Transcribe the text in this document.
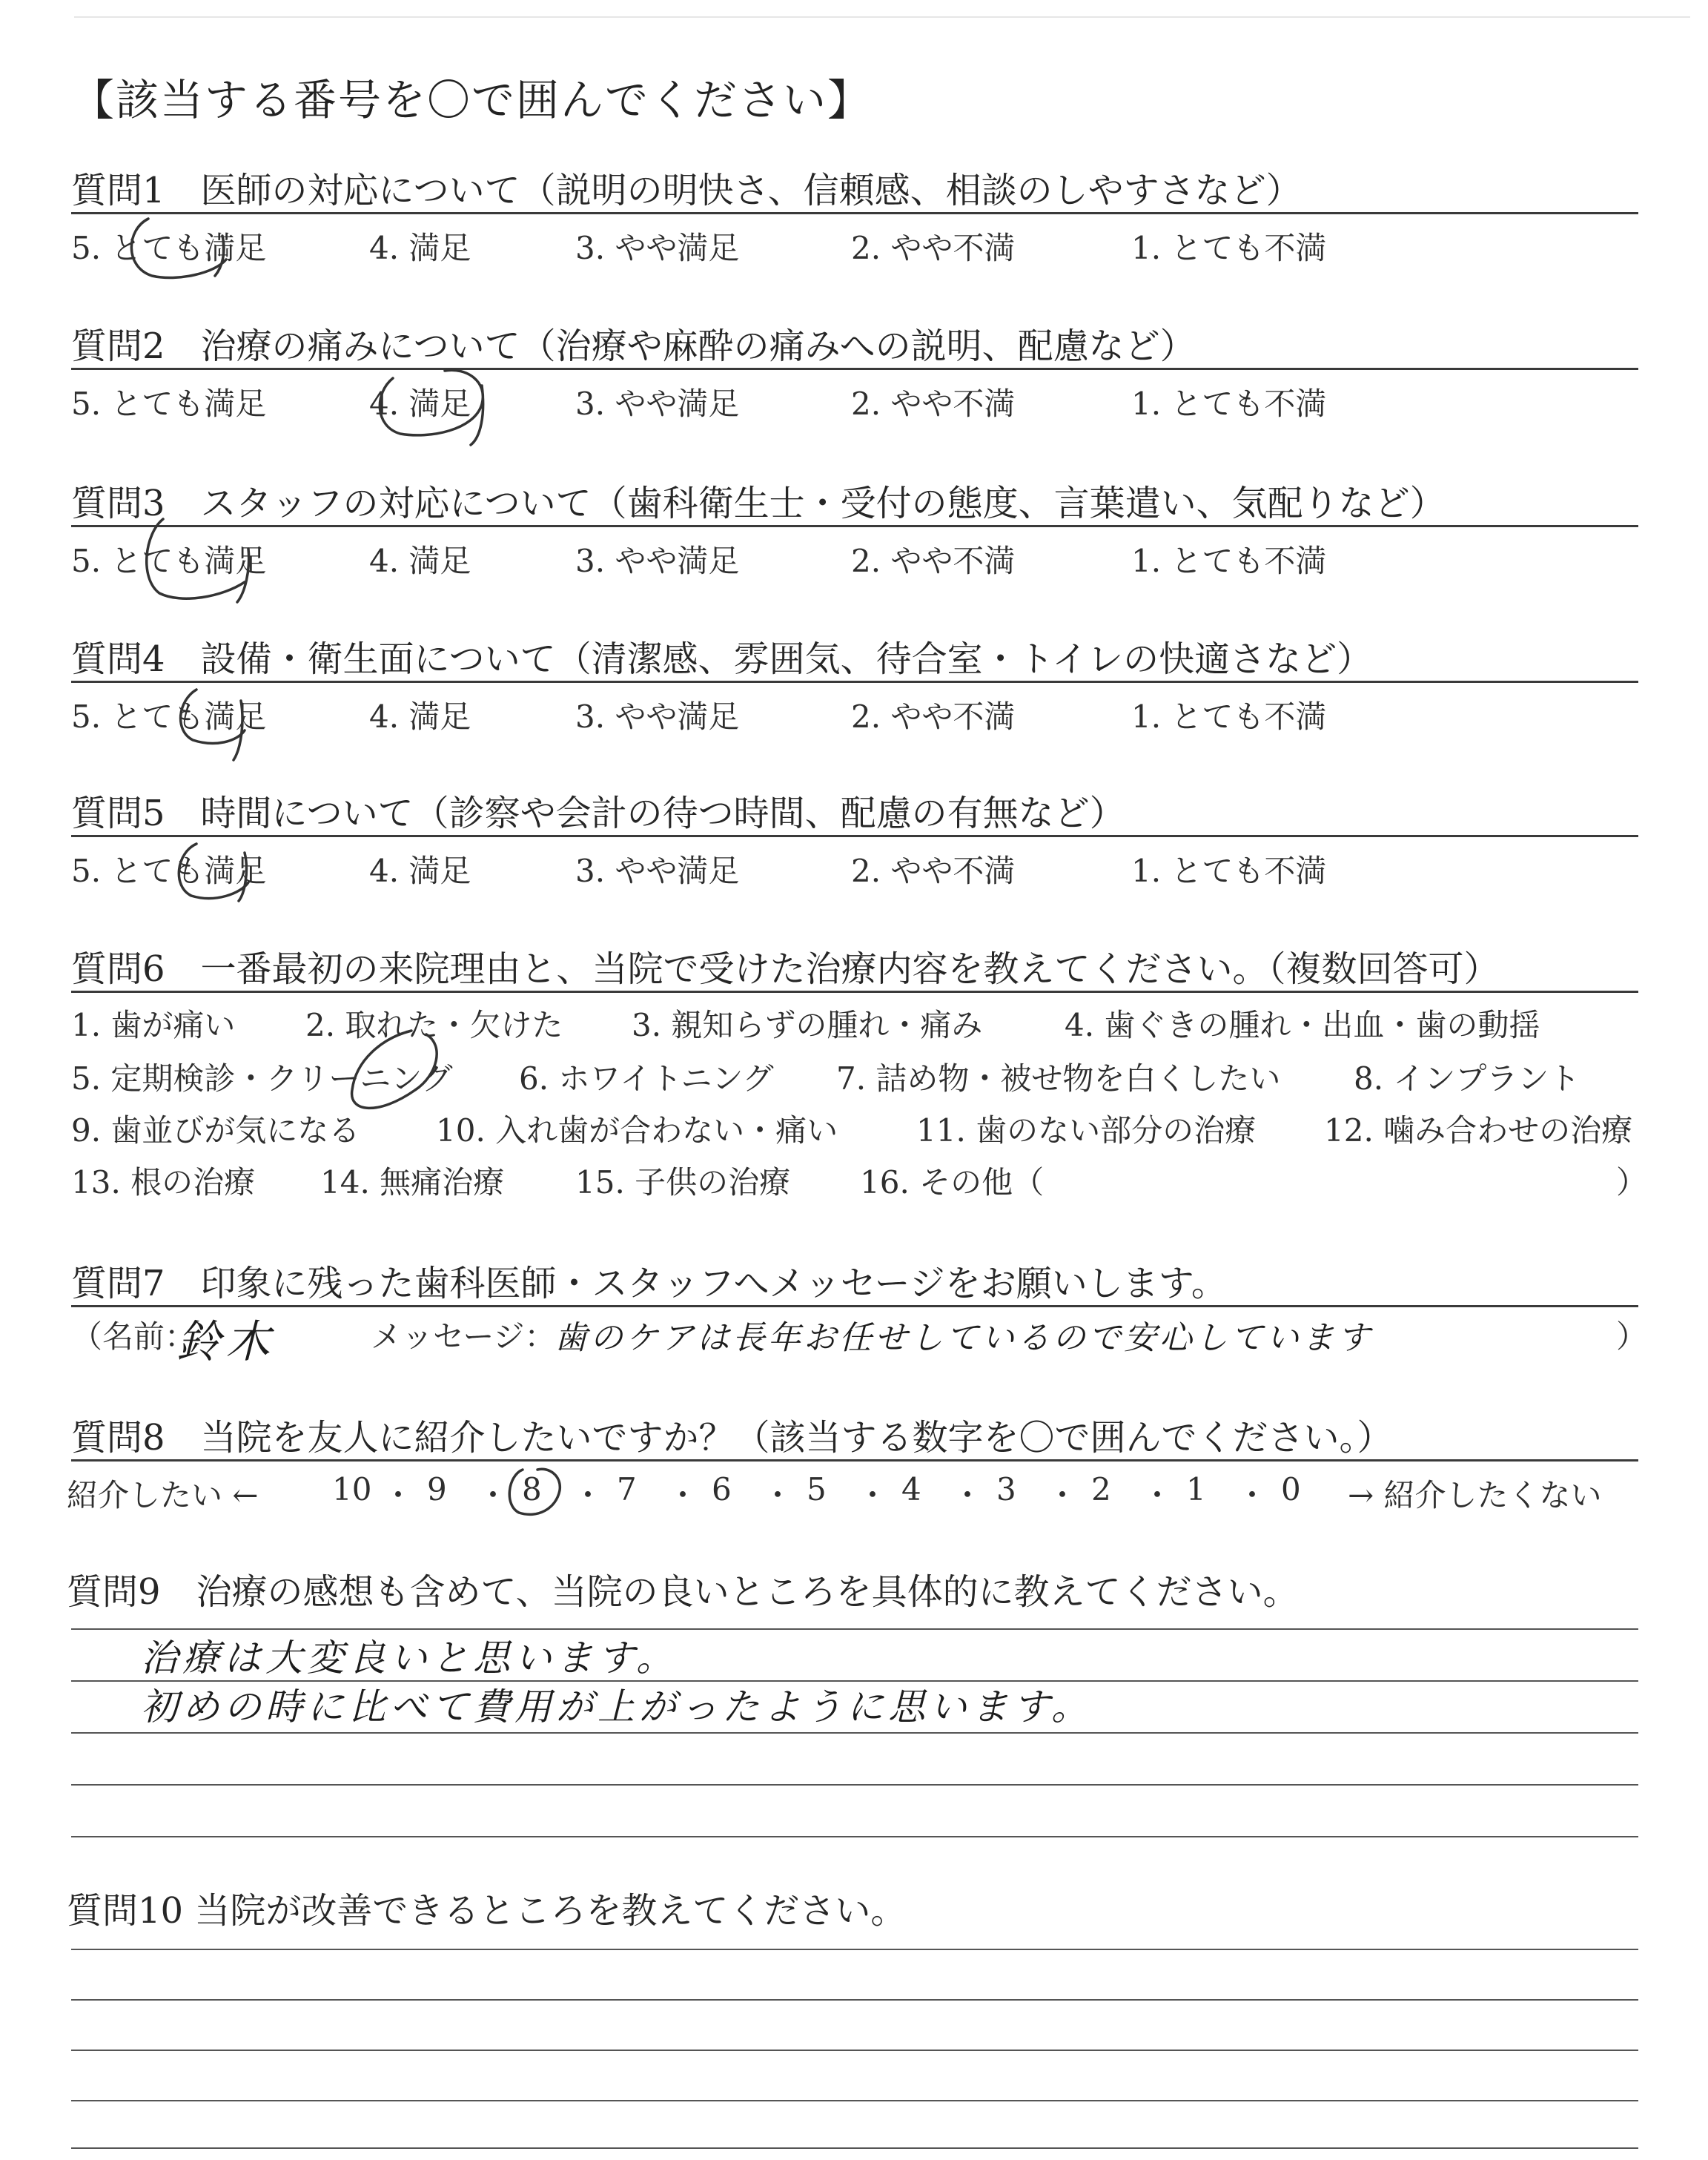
【該当する番号を〇で囲んでください】
質問1　医師の対応について（説明の明快さ、信頼感、相談のしやすさなど）
5. とても満足	4. 満足	3. やや満足	2. やや不満	1. とても不満
質問2　治療の痛みについて（治療や麻酔の痛みへの説明、配慮など）
5. とても満足	4. 満足	3. やや満足	2. やや不満	1. とても不満
質問3　スタッフの対応について（歯科衛生士・受付の態度、言葉遣い、気配りなど）
5. とても満足	4. 満足	3. やや満足	2. やや不満	1. とても不満
質問4　設備・衛生面について（清潔感、雰囲気、待合室・トイレの快適さなど）
5. とても満足	4. 満足	3. やや満足	2. やや不満	1. とても不満
質問5　時間について（診察や会計の待つ時間、配慮の有無など）
5. とても満足	4. 満足	3. やや満足	2. やや不満	1. とても不満
質問6　一番最初の来院理由と、当院で受けた治療内容を教えてください。（複数回答可）
1. 歯が痛い 2. 取れた・欠けた 3. 親知らずの腫れ・痛み	4. 歯ぐきの腫れ・出血・歯の動揺
5. 定期検診・クリーニング 6. ホワイトニング 7. 詰め物・被せ物を白くしたい 8. インプラント
9. 歯並びが気になる 10. 入れ歯が合わない・痛い	11. 歯のない部分の治療 12. 噛み合わせの治療
13. 根の治療 14. 無痛治療 15. 子供の治療 16. その他（	）
質問7　印象に残った歯科医師・スタッフへメッセージをお願いします。
（名前：
鈴木	メッセージ：
歯のケアは長年お任せしているので安心しています	）
質問8　当院を友人に紹介したいですか？（該当する数字を〇で囲んでください。）
紹介したい ← 10 ・ 9 ・ 8 ・ 7 ・ 6 ・ 5 ・ 4 ・ 3 ・ 2 ・ 1 ・ 0 → 紹介したくない
質問9　治療の感想も含めて、当院の良いところを具体的に教えてください。
治療は大変良いと思います。
初めの時に比べて費用が上がったように思います。
質問10 当院が改善できるところを教えてください。
